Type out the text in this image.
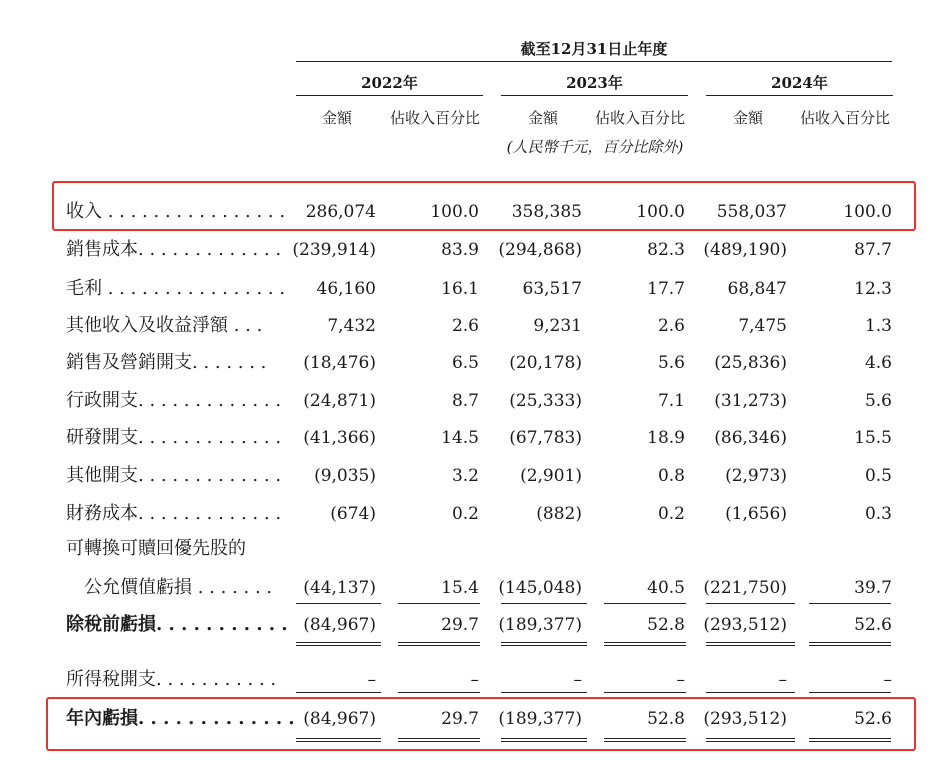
截至12月31日止年度
2022年	2023年	2024年
金額	佔收入百分比	金額	佔收入百分比	金額	佔收入百分比
(人民幣千元，百分比除外)
收入 . . . . . . . . . . . . . . . . 286,074	100.0 358,385	100.0 558,037	100.0
銷售成本. . . . . . . . . . . . . (239,914)	83.9 (294,868)	82.3 (489,190)	87.7
毛利 . . . . . . . . . . . . . . . . 46,160	16.1	63,517	17.7	68,847	12.3
其他收入及收益淨額 . . .	7,432	2.6	9,231	2.6	7,475	1.3
銷售及營銷開支. . . . . . . (18,476)	6.5 (20,178)	5.6 (25,836)	4.6
行政開支. . . . . . . . . . . . . (24,871)	8.7 (25,333)	7.1 (31,273)	5.6
研發開支. . . . . . . . . . . . . (41,366)	14.5 (67,783)	18.9 (86,346)	15.5
其他開支. . . . . . . . . . . . . (9,035)	3.2 (2,901)	0.8 (2,973)	0.5
財務成本. . . . . . . . . . . . .	(674)	0.2	(882)	0.2 (1,656)	0.3
可轉換可贖回優先股的
公允價值虧損 . . . . . . . (44,137)	15.4 (145,048)	40.5 (221,750)	39.7
除稅前虧損. . . . . . . . . . . (84,967)	29.7 (189,377)	52.8 (293,512)	52.6
所得稅開支. . . . . . . . . . .	–	–	–	–	–	–
年內虧損. . . . . . . . . . . . . (84,967)	29.7 (189,377)	52.8 (293,512)	52.6
